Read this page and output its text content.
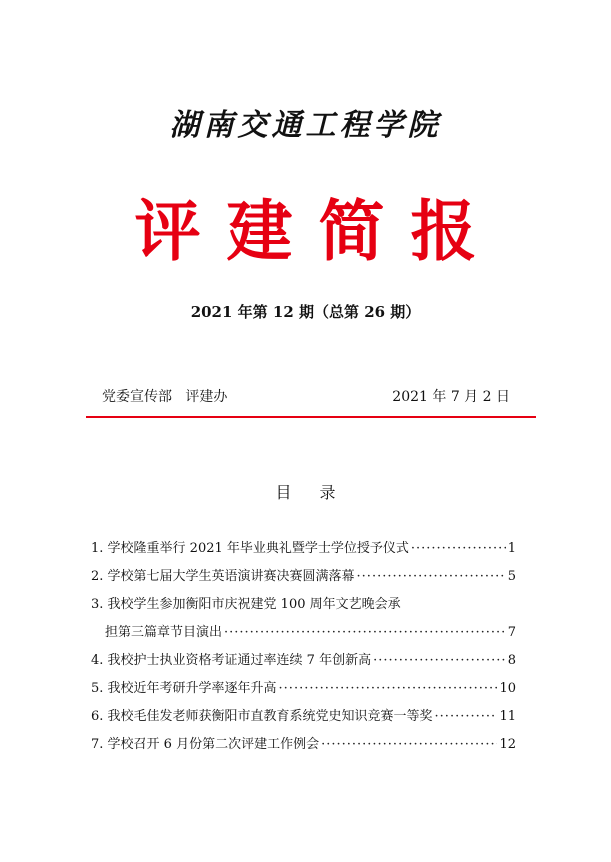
湖南交通工程学院
评建简报
2021 年第 12 期（总第 26 期）
党委宣传部   评建办	2021 年 7 月 2 日
目录
1. 学校隆重举行 2021 年毕业典礼暨学士学位授予仪式 ·····	1
2. 学校第七届大学生英语演讲赛决赛圆满落幕 ·····	5
3. 我校学生参加衡阳市庆祝建党 100 周年文艺晚会承
担第三篇章节目演出 ·····	7
4. 我校护士执业资格考证通过率连续 7 年创新高 ·····	8
5. 我校近年考研升学率逐年升高 ·····	10
6. 我校毛佳发老师获衡阳市直教育系统党史知识竞赛一等奖 ·····	11
7. 学校召开 6 月份第二次评建工作例会 ·····	12
